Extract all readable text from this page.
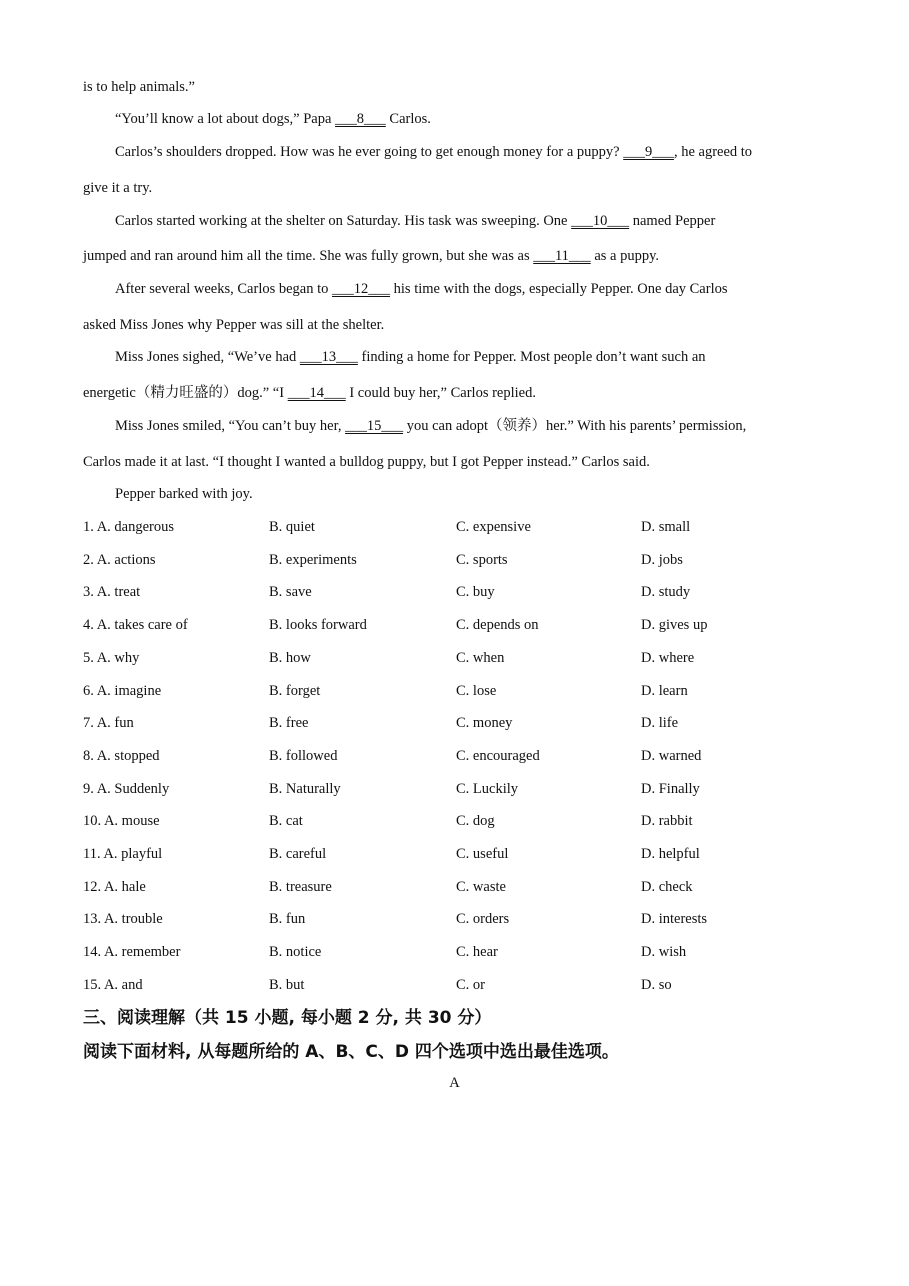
is to help animals.”
“You’ll know a lot about dogs,” Papa ___8___ Carlos.
Carlos’s shoulders dropped. How was he ever going to get enough money for a puppy? ___9___, he agreed to
give it a try.
Carlos started working at the shelter on Saturday. His task was sweeping. One ___10___ named Pepper
jumped and ran around him all the time. She was fully grown, but she was as ___11___ as a puppy.
After several weeks, Carlos began to ___12___ his time with the dogs, especially Pepper. One day Carlos
asked Miss Jones why Pepper was sill at the shelter.
Miss Jones sighed, “We’ve had ___13___ finding a home for Pepper. Most people don’t want such an
energetic（精力旺盛的）dog.” “I ___14___ I could buy her,” Carlos replied.
Miss Jones smiled, “You can’t buy her, ___15___ you can adopt（领养）her.” With his parents’ permission,
Carlos made it at last. “I thought I wanted a bulldog puppy, but I got Pepper instead.” Carlos said.
Pepper barked with joy.
1. A. dangerous	B. quiet	C. expensive	D. small
2. A. actions	B. experiments	C. sports	D. jobs
3. A. treat	B. save	C. buy	D. study
4. A. takes care of	B. looks forward	C. depends on	D. gives up
5. A. why	B. how	C. when	D. where
6. A. imagine	B. forget	C. lose	D. learn
7. A. fun	B. free	C. money	D. life
8. A. stopped	B. followed	C. encouraged	D. warned
9. A. Suddenly	B. Naturally	C. Luckily	D. Finally
10. A. mouse	B. cat	C. dog	D. rabbit
11. A. playful	B. careful	C. useful	D. helpful
12. A. hale	B. treasure	C. waste	D. check
13. A. trouble	B. fun	C. orders	D. interests
14. A. remember	B. notice	C. hear	D. wish
15. A. and	B. but	C. or	D. so
三、阅读理解（共 15 小题, 每小题 2 分, 共 30 分）
阅读下面材料, 从每题所给的 A、B、C、D 四个选项中选出最佳选项。
A
